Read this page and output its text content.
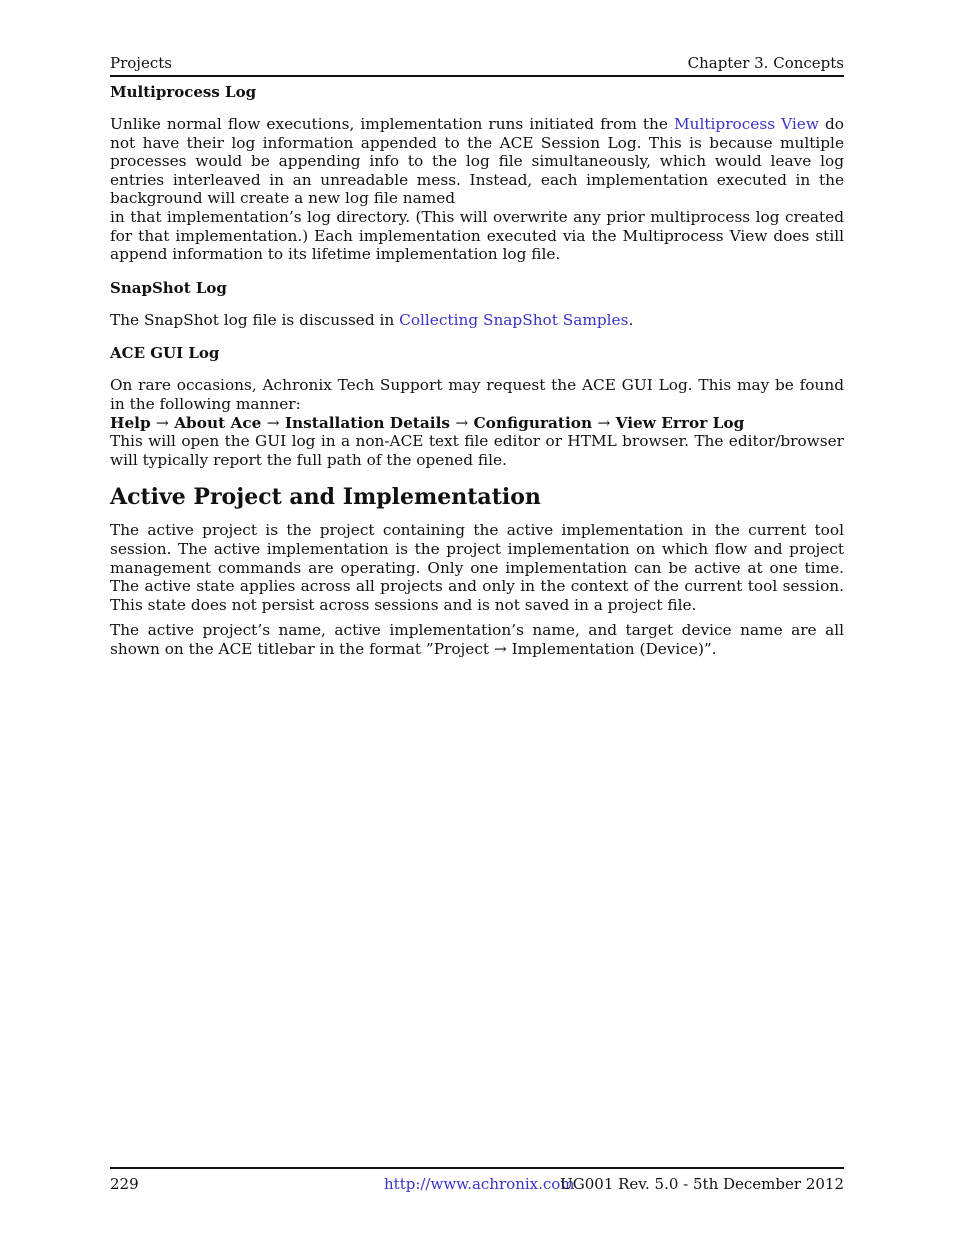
Projects	Chapter 3. Concepts
Multiprocess Log

Unlike normal flow executions, implementation runs initiated from the Multiprocess View do not have their log information appended to the ACE Session Log. This is because multiple processes would be appending info to the log file simultaneously, which would leave log entries interleaved in an unreadable mess. Instead, each implementation executed in the background will create a new log file named
in that implementation’s log directory. (This will overwrite any prior multiprocess log created for that implementation.) Each implementation executed via the Multiprocess View does still append information to its lifetime implementation log file.

SnapShot Log

The SnapShot log file is discussed in Collecting SnapShot Samples.

ACE GUI Log

On rare occasions, Achronix Tech Support may request the ACE GUI Log. This may be found in the following manner:

Help → About Ace → Installation Details → Configuration → View Error Log

This will open the GUI log in a non-ACE text file editor or HTML browser. The editor/browser will typically report the full path of the opened file.

Active Project and Implementation

The active project is the project containing the active implementation in the current tool session. The active implementation is the project implementation on which flow and project management commands are operating. Only one implementation can be active at one time. The active state applies across all projects and only in the context of the current tool session. This state does not persist across sessions and is not saved in a project file.

The active project’s name, active implementation’s name, and target device name are all shown on the ACE titlebar in the format ”Project → Implementation (Device)”.

229	http://www.achronix.com
UG001 Rev. 5.0 - 5th December 2012
